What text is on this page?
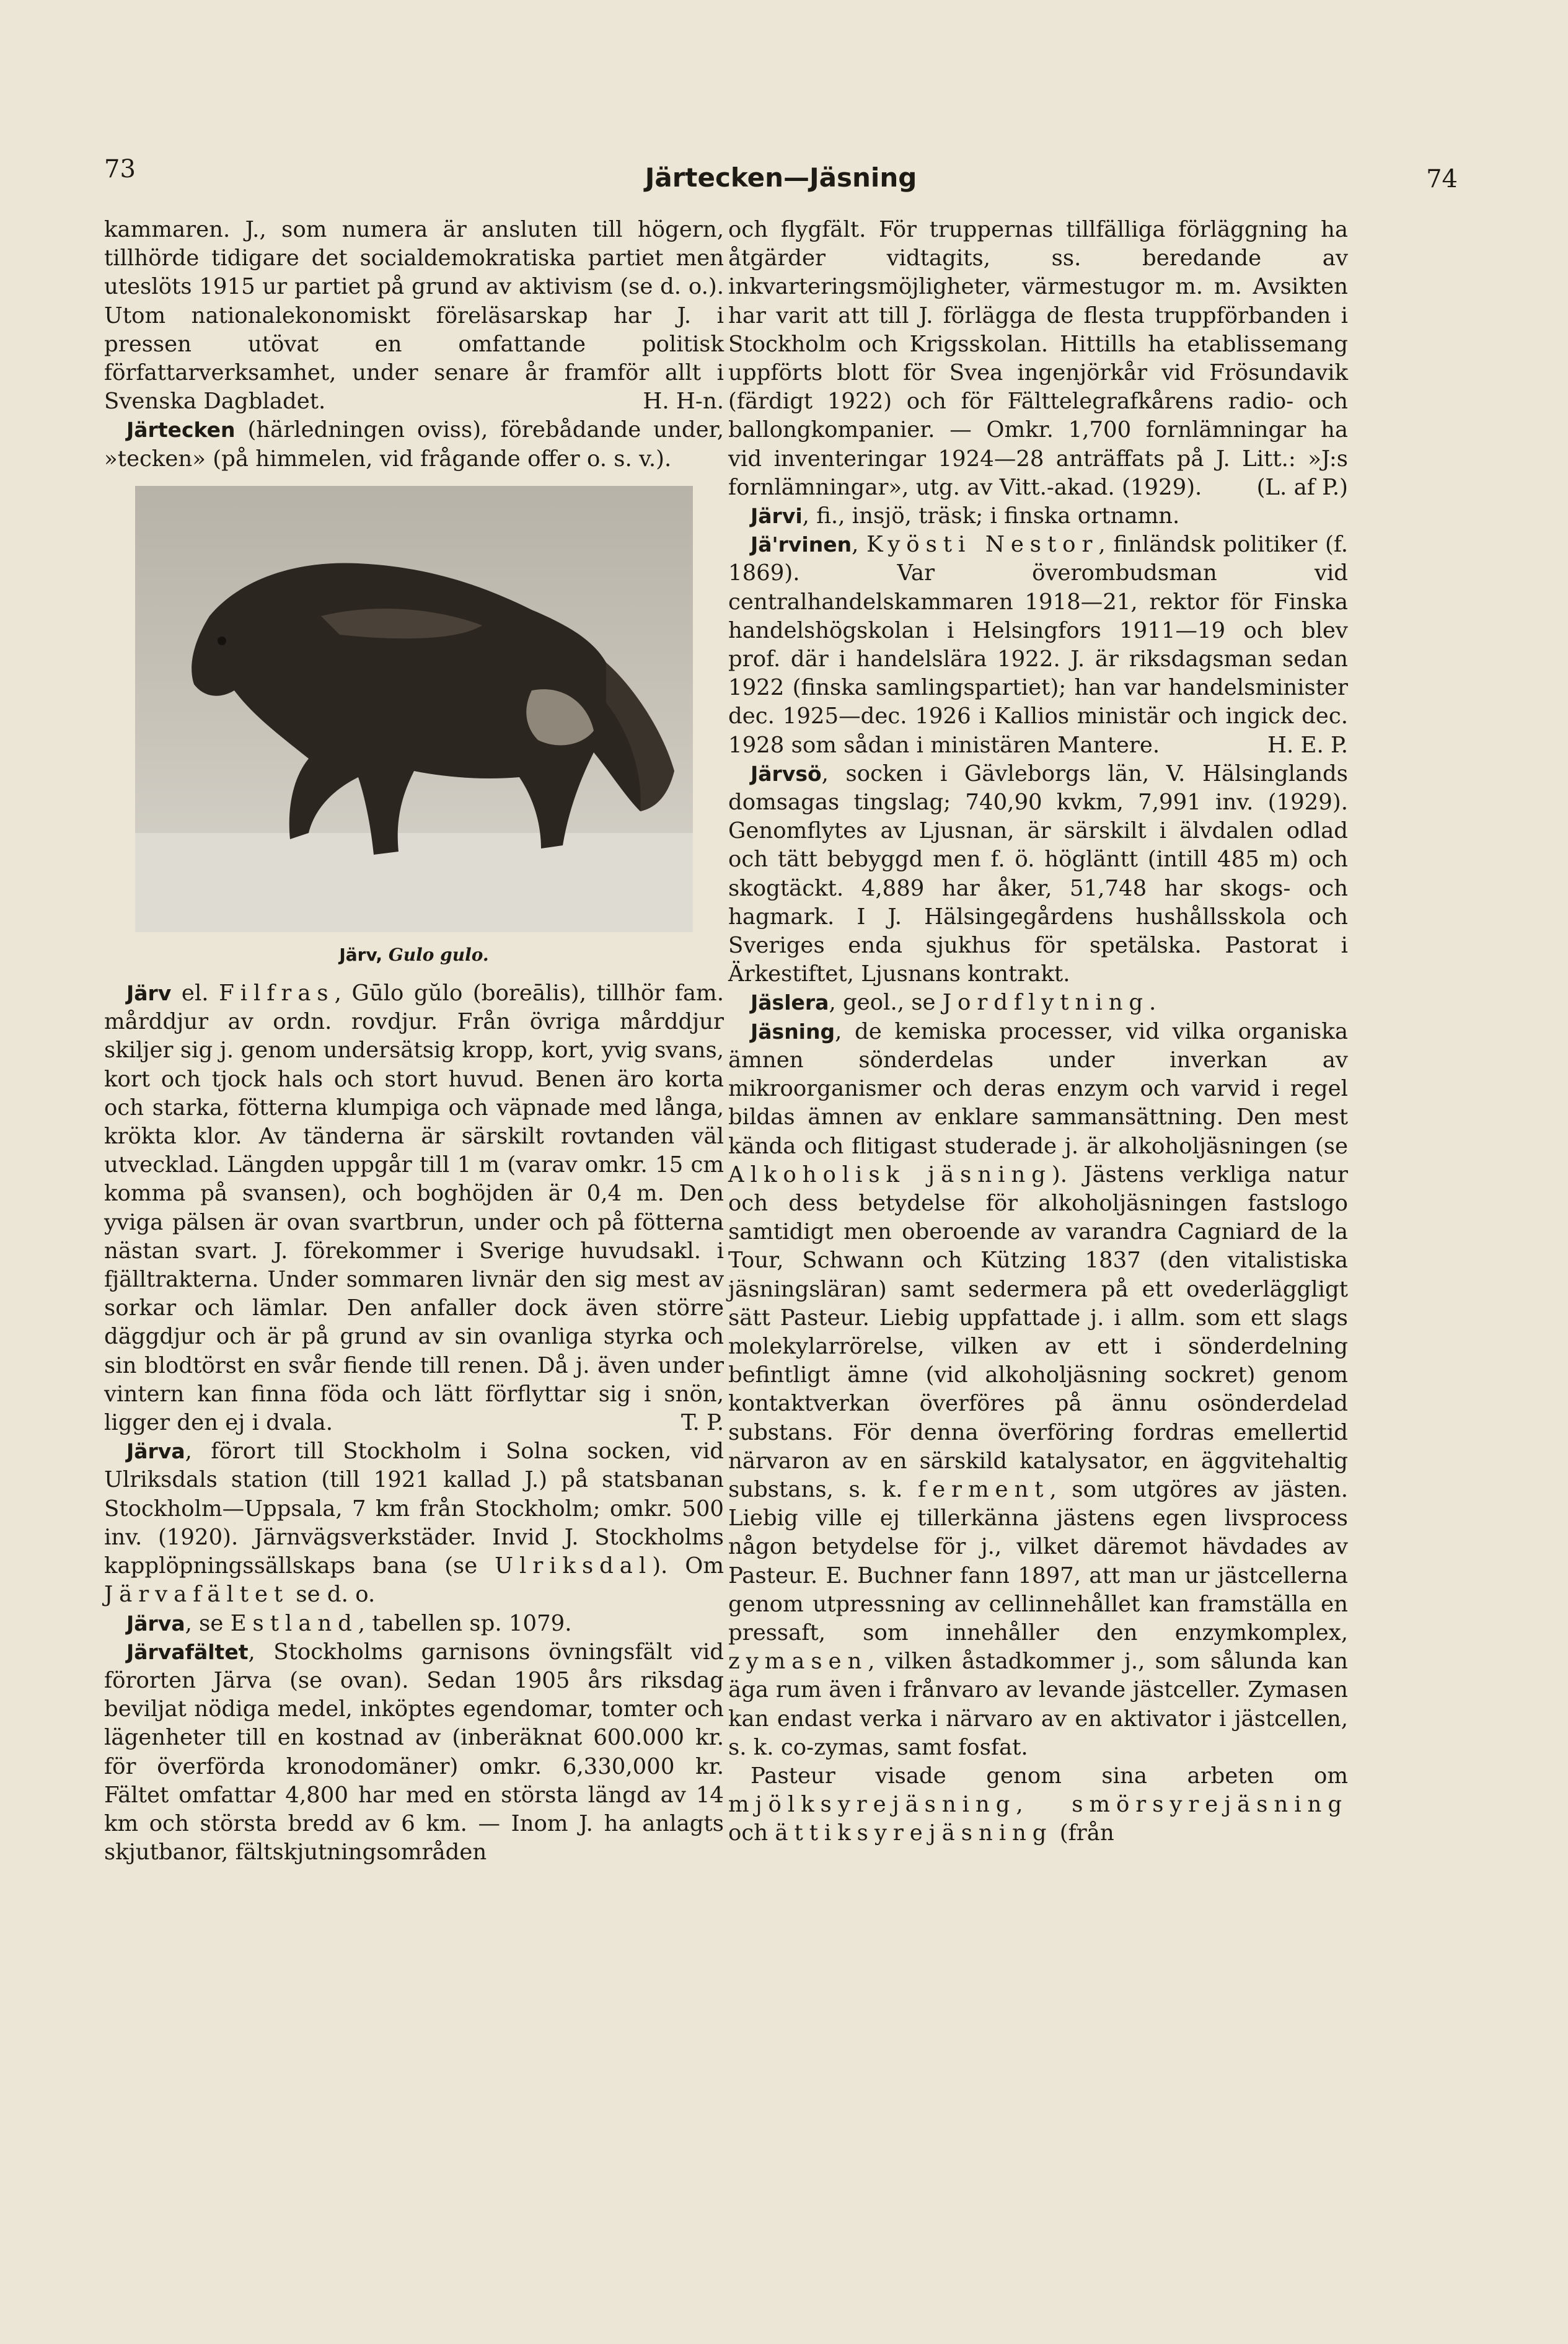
73	Järtecken—Jäsning	74

kammaren. J., som numera är ansluten till högern, tillhörde tidigare det socialdemokratiska partiet men uteslöts 1915 ur partiet på grund av aktivism (se d. o.). Utom nationalekonomiskt föreläsarskap har J. i pressen utövat en omfattande politisk författarverksamhet, under senare år framför allt i Svenska Dagbladet.	H. H-n.

Järtecken (härledningen oviss), förebådande under, »tecken» (på himmelen, vid frågande offer o. s. v.).

Järv, Gulo gulo.

Järv el. Filfras, Gūlo gŭlo (boreālis), tillhör fam. mårddjur av ordn. rovdjur. Från övriga mårddjur skiljer sig j. genom undersätsig kropp, kort, yvig svans, kort och tjock hals och stort huvud. Benen äro korta och starka, fötterna klumpiga och väpnade med långa, krökta klor. Av tänderna är särskilt rovtanden väl utvecklad. Längden uppgår till 1 m (varav omkr. 15 cm komma på svansen), och boghöjden är 0,4 m. Den yviga pälsen är ovan svartbrun, under och på fötterna nästan svart. J. förekommer i Sverige huvudsakl. i fjälltrakterna. Under sommaren livnär den sig mest av sorkar och lämlar. Den anfaller dock även större däggdjur och är på grund av sin ovanliga styrka och sin blodtörst en svår fiende till renen. Då j. även under vintern kan finna föda och lätt förflyttar sig i snön, ligger den ej i dvala.	T. P.

Järva, förort till Stockholm i Solna socken, vid Ulriksdals station (till 1921 kallad J.) på statsbanan Stockholm—Uppsala, 7 km från Stockholm; omkr. 500 inv. (1920). Järnvägsverkstäder. Invid J. Stockholms kapplöpningssällskaps bana (se Ulriksdal). Om Järvafältet se d. o.

Järva, se Estland, tabellen sp. 1079.

Järvafältet, Stockholms garnisons övningsfält vid förorten Järva (se ovan). Sedan 1905 års riksdag beviljat nödiga medel, inköptes egendomar, tomter och lägenheter till en kostnad av (inberäknat 600.000 kr. för överförda kronodomäner) omkr. 6,330,000 kr. Fältet omfattar 4,800 har med en största längd av 14 km och största bredd av 6 km. — Inom J. ha anlagts skjutbanor, fältskjutningsområden

och flygfält. För truppernas tillfälliga förläggning ha åtgärder vidtagits, ss. beredande av inkvarteringsmöjligheter, värmestugor m. m. Avsikten har varit att till J. förlägga de flesta truppförbanden i Stockholm och Krigsskolan. Hittills ha etablissemang uppförts blott för Svea ingenjörkår vid Frösundavik (färdigt 1922) och för Fälttelegrafkårens radio- och ballongkompanier. — Omkr. 1,700 fornlämningar ha vid inventeringar 1924—28 anträffats på J. Litt.: »J:s fornlämningar», utg. av Vitt.-akad. (1929). (L. af P.)

Järvi, fi., insjö, träsk; i finska ortnamn.

Jä'rvinen, Kyösti Nestor, finländsk politiker (f. 1869). Var överombudsman vid centralhandelskammaren 1918—21, rektor för Finska handelshögskolan i Helsingfors 1911—19 och blev prof. där i handelslära 1922. J. är riksdagsman sedan 1922 (finska samlingspartiet); han var handelsminister dec. 1925—dec. 1926 i Kallios ministär och ingick dec. 1928 som sådan i ministären Mantere.	H. E. P.

Järvsö, socken i Gävleborgs län, V. Hälsinglands domsagas tingslag; 740,90 kvkm, 7,991 inv. (1929). Genomflytes av Ljusnan, är särskilt i älvdalen odlad och tätt bebyggd men f. ö. högläntt (intill 485 m) och skogtäckt. 4,889 har åker, 51,748 har skogs- och hagmark. I J. Hälsingegårdens hushållsskola och Sveriges enda sjukhus för spetälska. Pastorat i Ärkestiftet, Ljusnans kontrakt.

Jäslera, geol., se Jordflytning.

Jäsning, de kemiska processer, vid vilka organiska ämnen sönderdelas under inverkan av mikroorganismer och deras enzym och varvid i regel bildas ämnen av enklare sammansättning. Den mest kända och flitigast studerade j. är alkoholjäsningen (se Alkoholisk jäsning). Jästens verkliga natur och dess betydelse för alkoholjäsningen fastslogo samtidigt men oberoende av varandra Cagniard de la Tour, Schwann och Kützing 1837 (den vitalistiska jäsningsläran) samt sedermera på ett ovederläggligt sätt Pasteur. Liebig uppfattade j. i allm. som ett slags molekylarrörelse, vilken av ett i sönderdelning befintligt ämne (vid alkoholjäsning sockret) genom kontaktverkan överföres på ännu osönderdelad substans. För denna överföring fordras emellertid närvaron av en särskild katalysator, en äggvitehaltig substans, s. k. ferment, som utgöres av jästen. Liebig ville ej tillerkänna jästens egen livsprocess någon betydelse för j., vilket däremot hävdades av Pasteur. E. Buchner fann 1897, att man ur jästcellerna genom utpressning av cellinnehållet kan framställa en pressaft, som innehåller den enzymkomplex, zymasen, vilken åstadkommer j., som sålunda kan äga rum även i frånvaro av levande jästceller. Zymasen kan endast verka i närvaro av en aktivator i jästcellen, s. k. co-zymas, samt fosfat.

Pasteur visade genom sina arbeten om mjölksyrejäsning, smörsyrejäsning och ättiksyrejäsning (från
